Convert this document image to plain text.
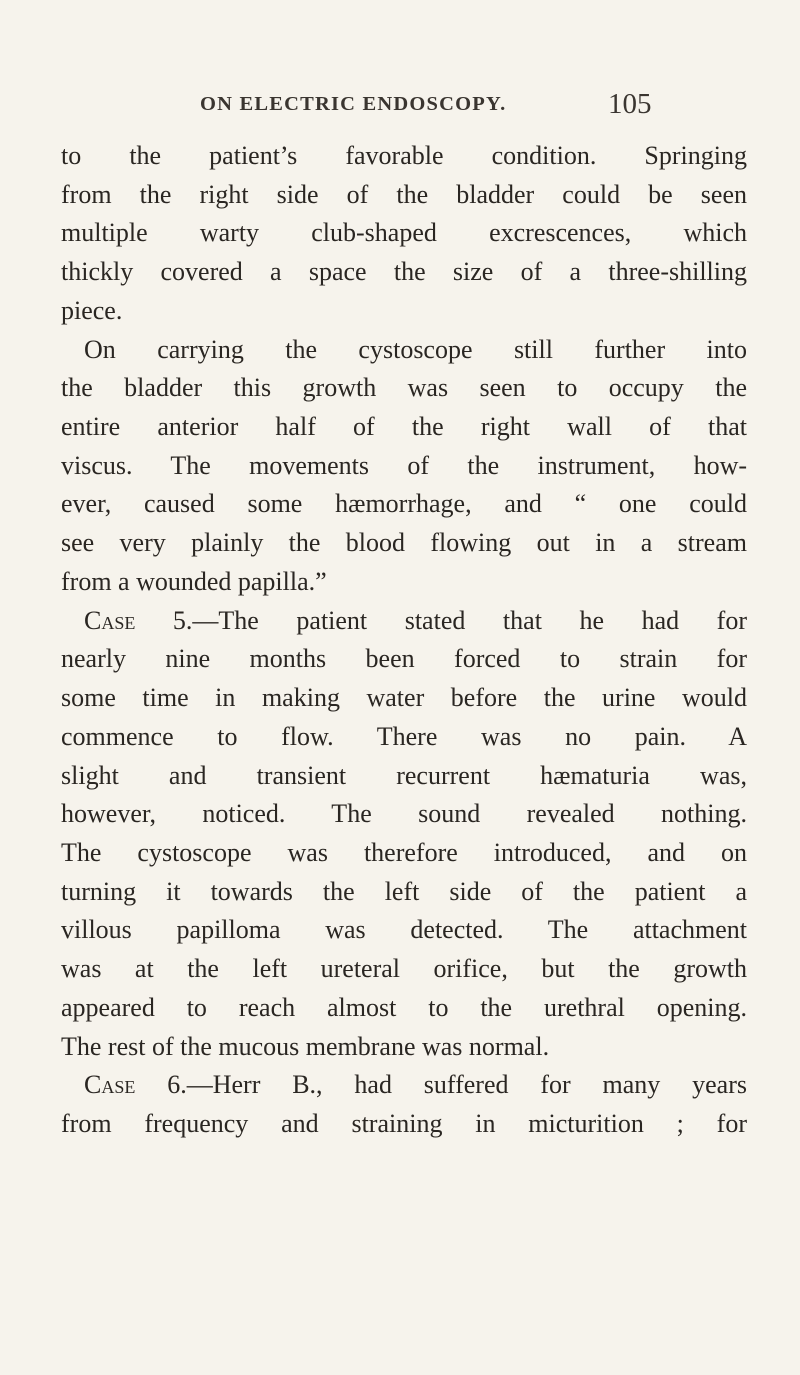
ON ELECTRIC ENDOSCOPY.	105
to the patient’s favorable condition. Springing
from the right side of the bladder could be seen
multiple warty club-shaped excrescences, which
thickly covered a space the size of a three-shilling
piece.
On carrying the cystoscope still further into
the bladder this growth was seen to occupy the
entire anterior half of the right wall of that
viscus. The movements of the instrument, how-
ever, caused some hæmorrhage, and “ one could
see very plainly the blood flowing out in a stream
from a wounded papilla.”
Case 5.—The patient stated that he had for
nearly nine months been forced to strain for
some time in making water before the urine would
commence to flow. There was no pain. A
slight and transient recurrent hæmaturia was,
however, noticed. The sound revealed nothing.
The cystoscope was therefore introduced, and on
turning it towards the left side of the patient a
villous papilloma was detected. The attachment
was at the left ureteral orifice, but the growth
appeared to reach almost to the urethral opening.
The rest of the mucous membrane was normal.
Case 6.—Herr B., had suffered for many years
from frequency and straining in micturition ; for
